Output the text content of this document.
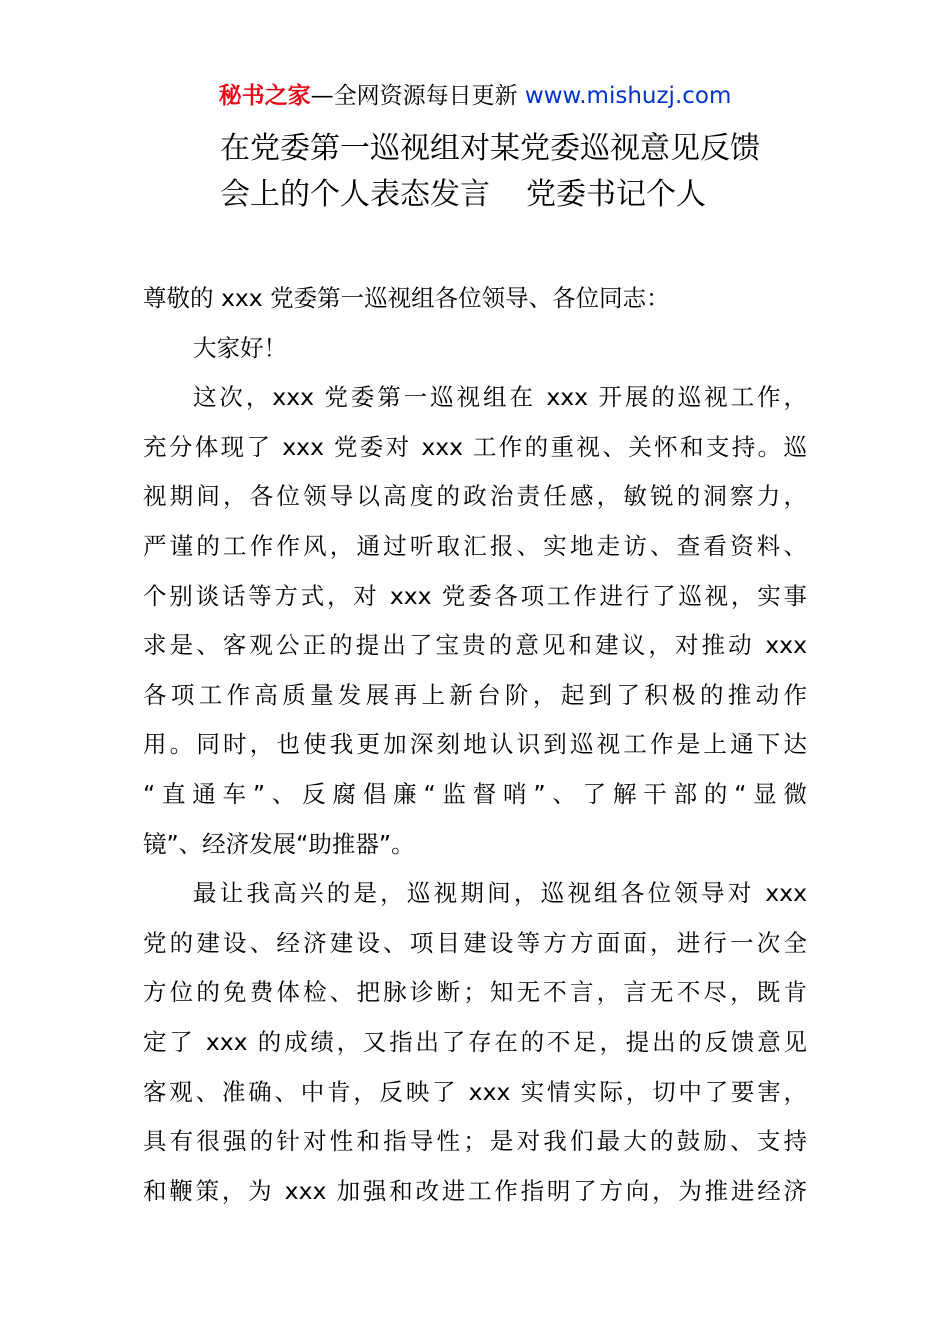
秘书之家—全网资源每日更新 www.mishuzj.com
在党委第一巡视组对某党委巡视意见反馈
会上的个人表态发言 党委书记个人
尊敬的 xxx 党委第一巡视组各位领导、各位同志：
大家好！
这次，xxx 党委第一巡视组在 xxx 开展的巡视工作，
充分体现了 xxx 党委对 xxx 工作的重视、关怀和支持。巡
视期间，各位领导以高度的政治责任感，敏锐的洞察力，
严谨的工作作风，通过听取汇报、实地走访、查看资料、
个别谈话等方式，对 xxx 党委各项工作进行了巡视，实事
求是、客观公正的提出了宝贵的意见和建议，对推动 xxx
各项工作高质量发展再上新台阶，起到了积极的推动作
用。同时，也使我更加深刻地认识到巡视工作是上通下达
“直通车”、反腐倡廉“监督哨”、了解干部的“显微
镜”、经济发展“助推器”。
最让我高兴的是，巡视期间，巡视组各位领导对 xxx
党的建设、经济建设、项目建设等方方面面，进行一次全
方位的免费体检、把脉诊断；知无不言，言无不尽，既肯
定了 xxx 的成绩，又指出了存在的不足，提出的反馈意见
客观、准确、中肯，反映了 xxx 实情实际，切中了要害，
具有很强的针对性和指导性；是对我们最大的鼓励、支持
和鞭策，为 xxx 加强和改进工作指明了方向，为推进经济
